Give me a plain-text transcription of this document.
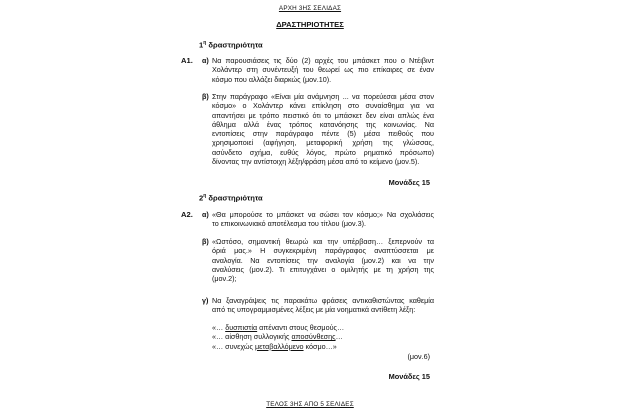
ΑΡΧΗ 3ΗΣ ΣΕΛΙΔΑΣ
ΔΡΑΣΤΗΡΙΟΤΗΤΕΣ
$1^\eta$ δραστηριότητα
A1. α) Να παρουσιάσεις τις δύο (2) αρχές του μπάσκετ που ο Ντέιβιντ
Χολάντερ στη συνέντευξή του θεωρεί ως πιο επίκαιρες σε έναν
κόσμο που αλλάζει διαρκώς (μον.10).
β) Στην παράγραφο «Είναι μία ανάμνηση ... να πορεύεσαι μέσα στον
κόσμο» ο Χολάντερ κάνει επίκληση στο συναίσθημα για να
απαντήσει με τρόπο πειστικό ότι το μπάσκετ δεν είναι απλώς ένα
άθλημα αλλά ένας τρόπος κατανόησης της κοινωνίας. Να
εντοπίσεις στην παράγραφο πέντε (5) μέσα πειθούς που
χρησιμοποιεί (αφήγηση, μεταφορική χρήση της γλώσσας,
ασύνδετο σχήμα, ευθύς λόγος, πρώτο ρηματικό πρόσωπο)
δίνοντας την αντίστοιχη λέξη/φράση μέσα από το κείμενο (μον.5).
Μονάδες 15
$2^\eta$ δραστηριότητα
A2. α) «Θα μπορούσε το μπάσκετ να σώσει τον κόσμο;» Να σχολιάσεις
το επικοινωνιακό αποτέλεσμα του τίτλου (μον.3).
β) «Ωστόσο, σημαντική θεωρώ και την υπέρβαση… ξεπερνούν τα
όριά μας.» Η συγκεκριμένη παράγραφος αναπτύσσεται με
αναλογία. Να εντοπίσεις την αναλογία (μον.2) και να την
αναλύσεις (μον.2). Τι επιτυγχάνει ο ομιλητής με τη χρήση της
(μον.2);
γ) Να ξαναγράψεις τις παρακάτω φράσεις αντικαθιστώντας καθεμία
από τις υπογραμμισμένες λέξεις με μία νοηματικά αντίθετη λέξη:
«… δυσπιστία απέναντι στους θεσμούς…
«… αίσθηση συλλογικής αποσύνθεσης…
«… συνεχώς μεταβαλλόμενο κόσμο…»
(μον.6)
Μονάδες 15
ΤΕΛΟΣ 3ΗΣ ΑΠΟ 5 ΣΕΛΙΔΕΣ
